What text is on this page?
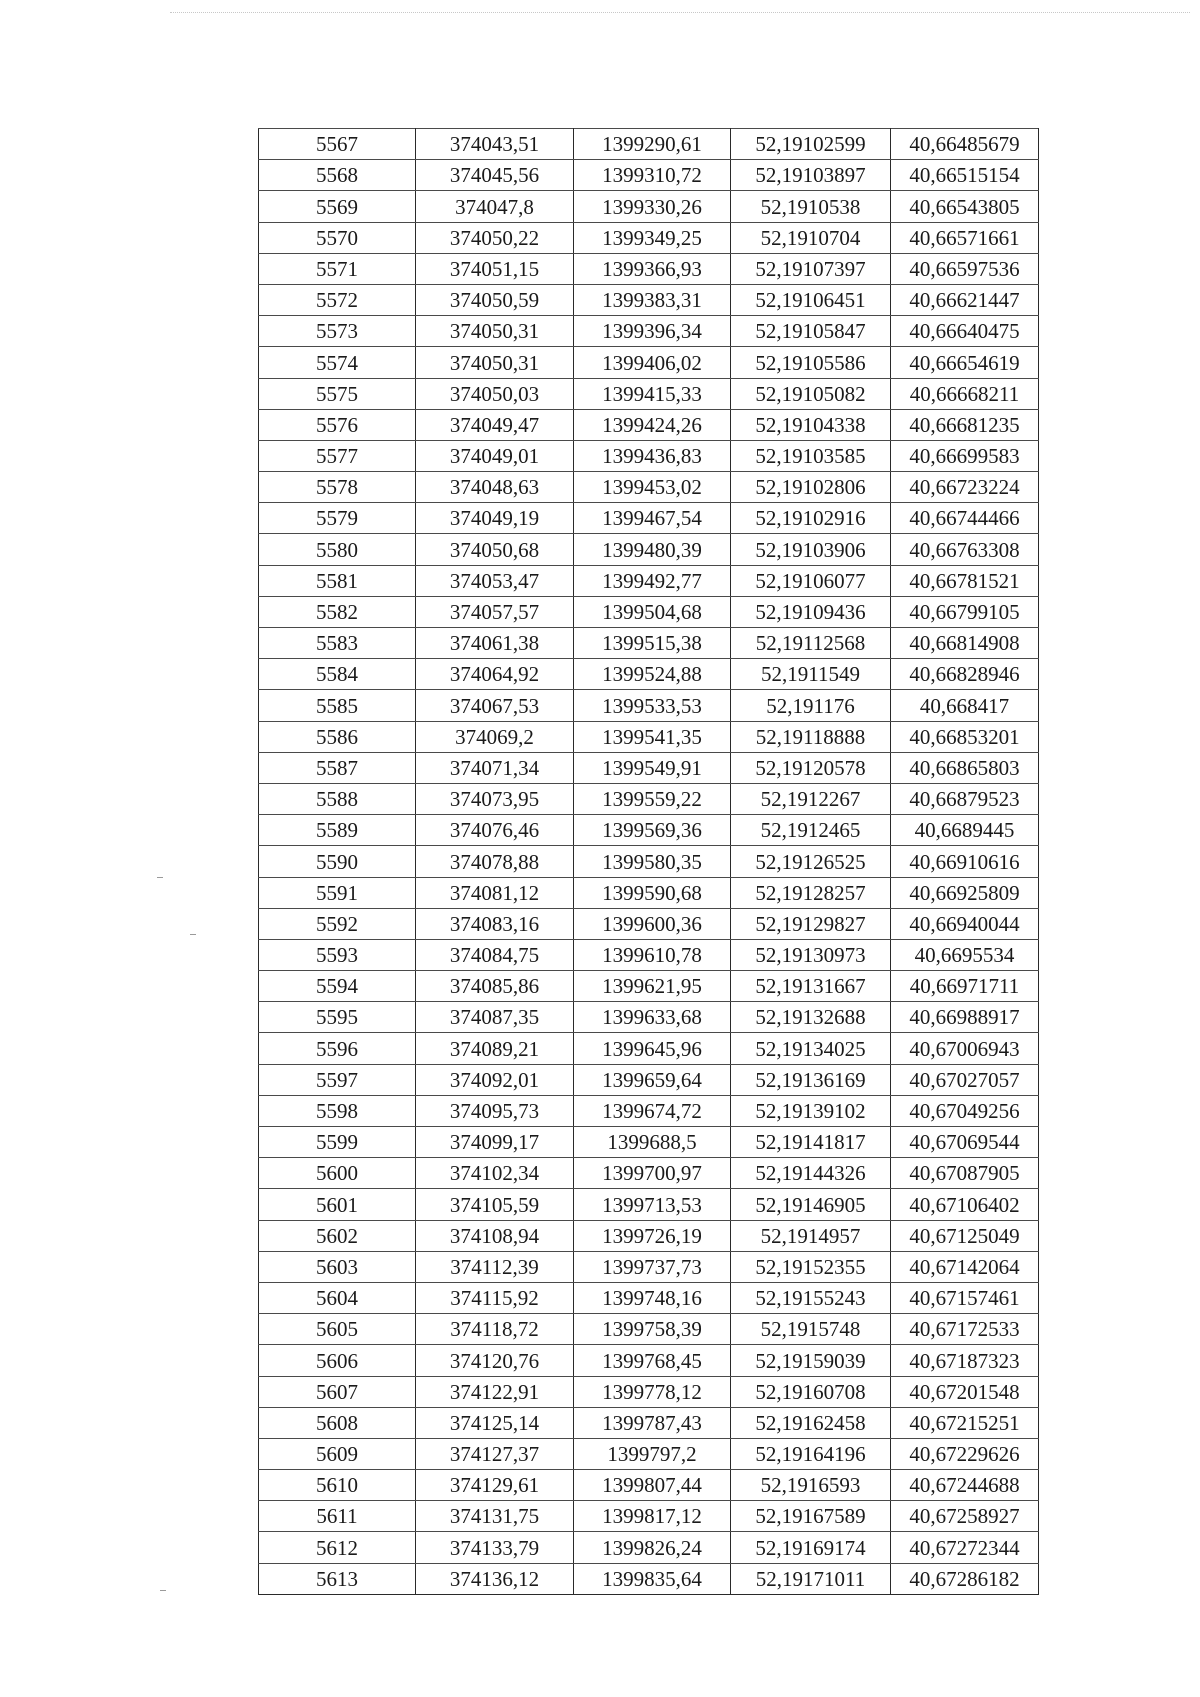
5567	374043,51	1399290,61	52,19102599	40,66485679
5568	374045,56	1399310,72	52,19103897	40,66515154
5569	374047,8	1399330,26	52,1910538	40,66543805
5570	374050,22	1399349,25	52,1910704	40,66571661
5571	374051,15	1399366,93	52,19107397	40,66597536
5572	374050,59	1399383,31	52,19106451	40,66621447
5573	374050,31	1399396,34	52,19105847	40,66640475
5574	374050,31	1399406,02	52,19105586	40,66654619
5575	374050,03	1399415,33	52,19105082	40,66668211
5576	374049,47	1399424,26	52,19104338	40,66681235
5577	374049,01	1399436,83	52,19103585	40,66699583
5578	374048,63	1399453,02	52,19102806	40,66723224
5579	374049,19	1399467,54	52,19102916	40,66744466
5580	374050,68	1399480,39	52,19103906	40,66763308
5581	374053,47	1399492,77	52,19106077	40,66781521
5582	374057,57	1399504,68	52,19109436	40,66799105
5583	374061,38	1399515,38	52,19112568	40,66814908
5584	374064,92	1399524,88	52,1911549	40,66828946
5585	374067,53	1399533,53	52,191176	40,668417
5586	374069,2	1399541,35	52,19118888	40,66853201
5587	374071,34	1399549,91	52,19120578	40,66865803
5588	374073,95	1399559,22	52,1912267	40,66879523
5589	374076,46	1399569,36	52,1912465	40,6689445
5590	374078,88	1399580,35	52,19126525	40,66910616
5591	374081,12	1399590,68	52,19128257	40,66925809
5592	374083,16	1399600,36	52,19129827	40,66940044
5593	374084,75	1399610,78	52,19130973	40,6695534
5594	374085,86	1399621,95	52,19131667	40,66971711
5595	374087,35	1399633,68	52,19132688	40,66988917
5596	374089,21	1399645,96	52,19134025	40,67006943
5597	374092,01	1399659,64	52,19136169	40,67027057
5598	374095,73	1399674,72	52,19139102	40,67049256
5599	374099,17	1399688,5	52,19141817	40,67069544
5600	374102,34	1399700,97	52,19144326	40,67087905
5601	374105,59	1399713,53	52,19146905	40,67106402
5602	374108,94	1399726,19	52,1914957	40,67125049
5603	374112,39	1399737,73	52,19152355	40,67142064
5604	374115,92	1399748,16	52,19155243	40,67157461
5605	374118,72	1399758,39	52,1915748	40,67172533
5606	374120,76	1399768,45	52,19159039	40,67187323
5607	374122,91	1399778,12	52,19160708	40,67201548
5608	374125,14	1399787,43	52,19162458	40,67215251
5609	374127,37	1399797,2	52,19164196	40,67229626
5610	374129,61	1399807,44	52,1916593	40,67244688
5611	374131,75	1399817,12	52,19167589	40,67258927
5612	374133,79	1399826,24	52,19169174	40,67272344
5613	374136,12	1399835,64	52,19171011	40,67286182
